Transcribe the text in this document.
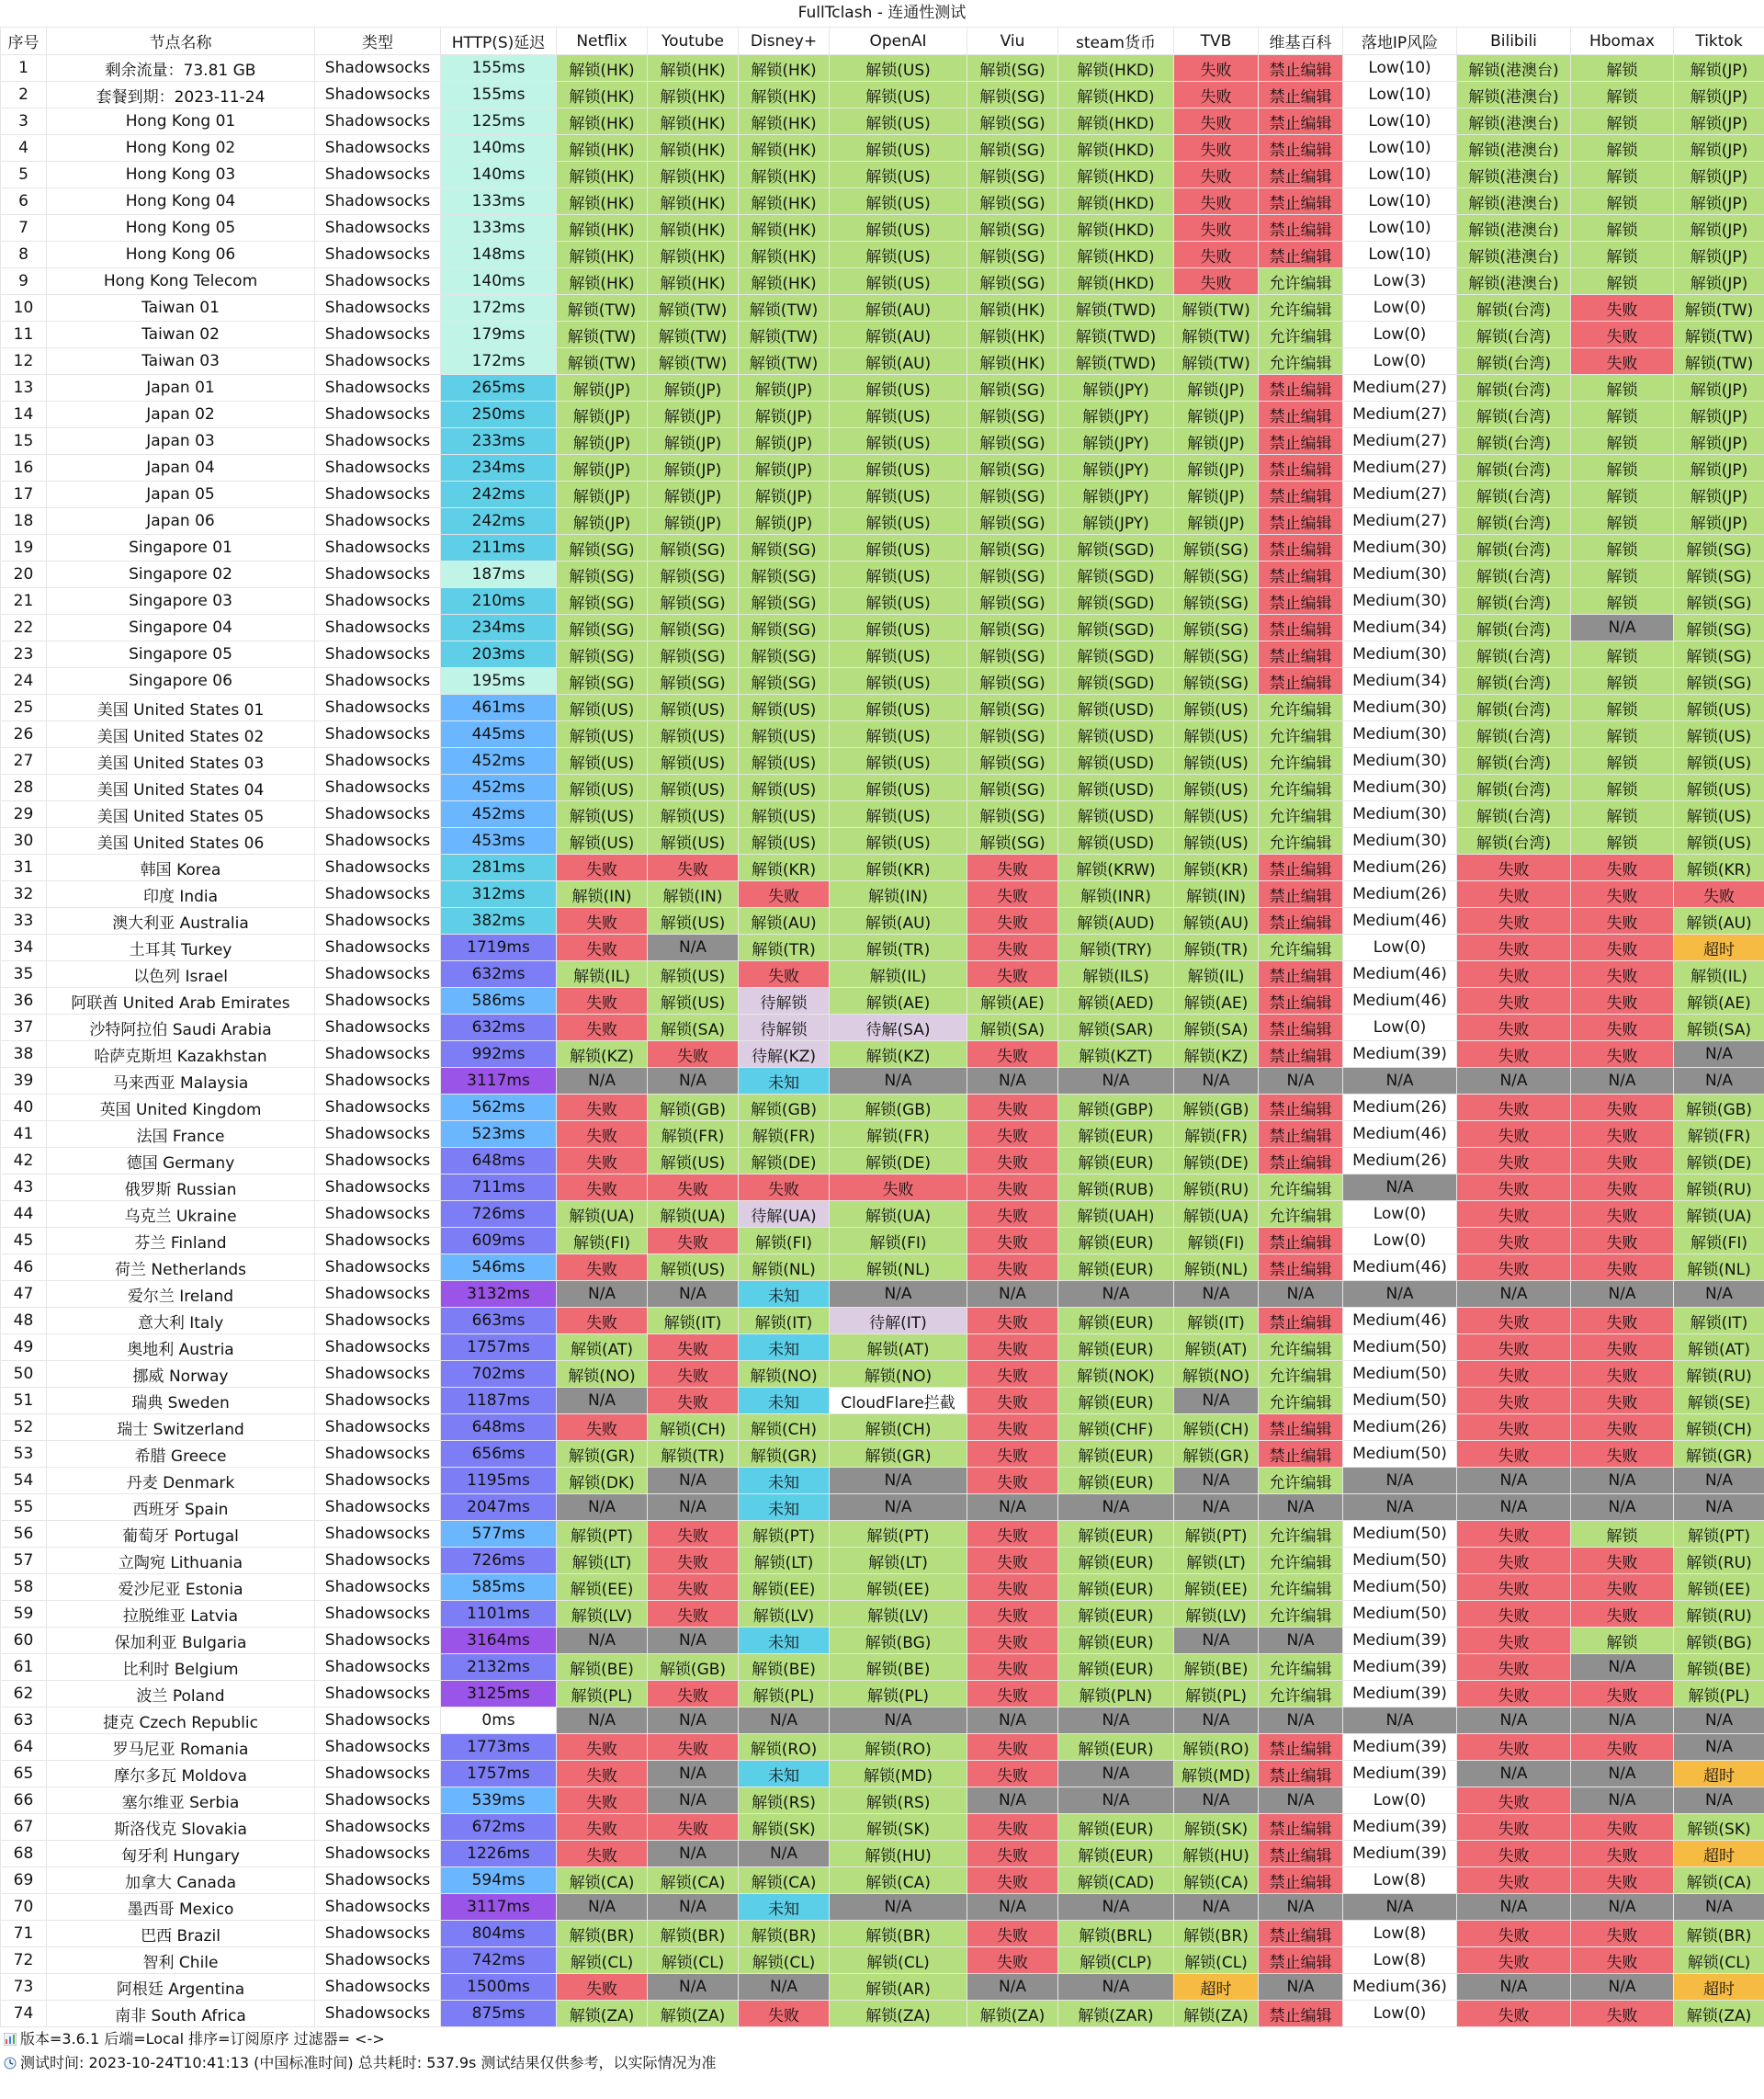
FullTclash - 连通性测试
序号	节点名称	类型	HTTP(S)延迟	Netflix	Youtube	Disney+	OpenAI	Viu	steam货币	TVB	维基百科	落地IP风险	Bilibili	Hbomax	Tiktok
1	剩余流量：73.81 GB	Shadowsocks	155ms	解锁(HK)	解锁(HK)	解锁(HK)	解锁(US)	解锁(SG)	解锁(HKD)	失败	禁止编辑	Low(10)	解锁(港澳台)	解锁	解锁(JP)
2	套餐到期：2023-11-24	Shadowsocks	155ms	解锁(HK)	解锁(HK)	解锁(HK)	解锁(US)	解锁(SG)	解锁(HKD)	失败	禁止编辑	Low(10)	解锁(港澳台)	解锁	解锁(JP)
3	Hong Kong 01	Shadowsocks	125ms	解锁(HK)	解锁(HK)	解锁(HK)	解锁(US)	解锁(SG)	解锁(HKD)	失败	禁止编辑	Low(10)	解锁(港澳台)	解锁	解锁(JP)
4	Hong Kong 02	Shadowsocks	140ms	解锁(HK)	解锁(HK)	解锁(HK)	解锁(US)	解锁(SG)	解锁(HKD)	失败	禁止编辑	Low(10)	解锁(港澳台)	解锁	解锁(JP)
5	Hong Kong 03	Shadowsocks	140ms	解锁(HK)	解锁(HK)	解锁(HK)	解锁(US)	解锁(SG)	解锁(HKD)	失败	禁止编辑	Low(10)	解锁(港澳台)	解锁	解锁(JP)
6	Hong Kong 04	Shadowsocks	133ms	解锁(HK)	解锁(HK)	解锁(HK)	解锁(US)	解锁(SG)	解锁(HKD)	失败	禁止编辑	Low(10)	解锁(港澳台)	解锁	解锁(JP)
7	Hong Kong 05	Shadowsocks	133ms	解锁(HK)	解锁(HK)	解锁(HK)	解锁(US)	解锁(SG)	解锁(HKD)	失败	禁止编辑	Low(10)	解锁(港澳台)	解锁	解锁(JP)
8	Hong Kong 06	Shadowsocks	148ms	解锁(HK)	解锁(HK)	解锁(HK)	解锁(US)	解锁(SG)	解锁(HKD)	失败	禁止编辑	Low(10)	解锁(港澳台)	解锁	解锁(JP)
9	Hong Kong Telecom	Shadowsocks	140ms	解锁(HK)	解锁(HK)	解锁(HK)	解锁(US)	解锁(SG)	解锁(HKD)	失败	允许编辑	Low(3)	解锁(港澳台)	解锁	解锁(JP)
10	Taiwan 01	Shadowsocks	172ms	解锁(TW)	解锁(TW)	解锁(TW)	解锁(AU)	解锁(HK)	解锁(TWD)	解锁(TW)	允许编辑	Low(0)	解锁(台湾)	失败	解锁(TW)
11	Taiwan 02	Shadowsocks	179ms	解锁(TW)	解锁(TW)	解锁(TW)	解锁(AU)	解锁(HK)	解锁(TWD)	解锁(TW)	允许编辑	Low(0)	解锁(台湾)	失败	解锁(TW)
12	Taiwan 03	Shadowsocks	172ms	解锁(TW)	解锁(TW)	解锁(TW)	解锁(AU)	解锁(HK)	解锁(TWD)	解锁(TW)	允许编辑	Low(0)	解锁(台湾)	失败	解锁(TW)
13	Japan 01	Shadowsocks	265ms	解锁(JP)	解锁(JP)	解锁(JP)	解锁(US)	解锁(SG)	解锁(JPY)	解锁(JP)	禁止编辑	Medium(27)	解锁(台湾)	解锁	解锁(JP)
14	Japan 02	Shadowsocks	250ms	解锁(JP)	解锁(JP)	解锁(JP)	解锁(US)	解锁(SG)	解锁(JPY)	解锁(JP)	禁止编辑	Medium(27)	解锁(台湾)	解锁	解锁(JP)
15	Japan 03	Shadowsocks	233ms	解锁(JP)	解锁(JP)	解锁(JP)	解锁(US)	解锁(SG)	解锁(JPY)	解锁(JP)	禁止编辑	Medium(27)	解锁(台湾)	解锁	解锁(JP)
16	Japan 04	Shadowsocks	234ms	解锁(JP)	解锁(JP)	解锁(JP)	解锁(US)	解锁(SG)	解锁(JPY)	解锁(JP)	禁止编辑	Medium(27)	解锁(台湾)	解锁	解锁(JP)
17	Japan 05	Shadowsocks	242ms	解锁(JP)	解锁(JP)	解锁(JP)	解锁(US)	解锁(SG)	解锁(JPY)	解锁(JP)	禁止编辑	Medium(27)	解锁(台湾)	解锁	解锁(JP)
18	Japan 06	Shadowsocks	242ms	解锁(JP)	解锁(JP)	解锁(JP)	解锁(US)	解锁(SG)	解锁(JPY)	解锁(JP)	禁止编辑	Medium(27)	解锁(台湾)	解锁	解锁(JP)
19	Singapore 01	Shadowsocks	211ms	解锁(SG)	解锁(SG)	解锁(SG)	解锁(US)	解锁(SG)	解锁(SGD)	解锁(SG)	禁止编辑	Medium(30)	解锁(台湾)	解锁	解锁(SG)
20	Singapore 02	Shadowsocks	187ms	解锁(SG)	解锁(SG)	解锁(SG)	解锁(US)	解锁(SG)	解锁(SGD)	解锁(SG)	禁止编辑	Medium(30)	解锁(台湾)	解锁	解锁(SG)
21	Singapore 03	Shadowsocks	210ms	解锁(SG)	解锁(SG)	解锁(SG)	解锁(US)	解锁(SG)	解锁(SGD)	解锁(SG)	禁止编辑	Medium(30)	解锁(台湾)	解锁	解锁(SG)
22	Singapore 04	Shadowsocks	234ms	解锁(SG)	解锁(SG)	解锁(SG)	解锁(US)	解锁(SG)	解锁(SGD)	解锁(SG)	禁止编辑	Medium(34)	解锁(台湾)	N/A	解锁(SG)
23	Singapore 05	Shadowsocks	203ms	解锁(SG)	解锁(SG)	解锁(SG)	解锁(US)	解锁(SG)	解锁(SGD)	解锁(SG)	禁止编辑	Medium(30)	解锁(台湾)	解锁	解锁(SG)
24	Singapore 06	Shadowsocks	195ms	解锁(SG)	解锁(SG)	解锁(SG)	解锁(US)	解锁(SG)	解锁(SGD)	解锁(SG)	禁止编辑	Medium(34)	解锁(台湾)	解锁	解锁(SG)
25	美国 United States 01	Shadowsocks	461ms	解锁(US)	解锁(US)	解锁(US)	解锁(US)	解锁(SG)	解锁(USD)	解锁(US)	允许编辑	Medium(30)	解锁(台湾)	解锁	解锁(US)
26	美国 United States 02	Shadowsocks	445ms	解锁(US)	解锁(US)	解锁(US)	解锁(US)	解锁(SG)	解锁(USD)	解锁(US)	允许编辑	Medium(30)	解锁(台湾)	解锁	解锁(US)
27	美国 United States 03	Shadowsocks	452ms	解锁(US)	解锁(US)	解锁(US)	解锁(US)	解锁(SG)	解锁(USD)	解锁(US)	允许编辑	Medium(30)	解锁(台湾)	解锁	解锁(US)
28	美国 United States 04	Shadowsocks	452ms	解锁(US)	解锁(US)	解锁(US)	解锁(US)	解锁(SG)	解锁(USD)	解锁(US)	允许编辑	Medium(30)	解锁(台湾)	解锁	解锁(US)
29	美国 United States 05	Shadowsocks	452ms	解锁(US)	解锁(US)	解锁(US)	解锁(US)	解锁(SG)	解锁(USD)	解锁(US)	允许编辑	Medium(30)	解锁(台湾)	解锁	解锁(US)
30	美国 United States 06	Shadowsocks	453ms	解锁(US)	解锁(US)	解锁(US)	解锁(US)	解锁(SG)	解锁(USD)	解锁(US)	允许编辑	Medium(30)	解锁(台湾)	解锁	解锁(US)
31	韩国 Korea	Shadowsocks	281ms	失败	失败	解锁(KR)	解锁(KR)	失败	解锁(KRW)	解锁(KR)	禁止编辑	Medium(26)	失败	失败	解锁(KR)
32	印度 India	Shadowsocks	312ms	解锁(IN)	解锁(IN)	失败	解锁(IN)	失败	解锁(INR)	解锁(IN)	禁止编辑	Medium(26)	失败	失败	失败
33	澳大利亚 Australia	Shadowsocks	382ms	失败	解锁(US)	解锁(AU)	解锁(AU)	失败	解锁(AUD)	解锁(AU)	禁止编辑	Medium(46)	失败	失败	解锁(AU)
34	土耳其 Turkey	Shadowsocks	1719ms	失败	N/A	解锁(TR)	解锁(TR)	失败	解锁(TRY)	解锁(TR)	允许编辑	Low(0)	失败	失败	超时
35	以色列 Israel	Shadowsocks	632ms	解锁(IL)	解锁(US)	失败	解锁(IL)	失败	解锁(ILS)	解锁(IL)	禁止编辑	Medium(46)	失败	失败	解锁(IL)
36	阿联酋 United Arab Emirates	Shadowsocks	586ms	失败	解锁(US)	待解锁	解锁(AE)	解锁(AE)	解锁(AED)	解锁(AE)	禁止编辑	Medium(46)	失败	失败	解锁(AE)
37	沙特阿拉伯 Saudi Arabia	Shadowsocks	632ms	失败	解锁(SA)	待解锁	待解(SA)	解锁(SA)	解锁(SAR)	解锁(SA)	禁止编辑	Low(0)	失败	失败	解锁(SA)
38	哈萨克斯坦 Kazakhstan	Shadowsocks	992ms	解锁(KZ)	失败	待解(KZ)	解锁(KZ)	失败	解锁(KZT)	解锁(KZ)	禁止编辑	Medium(39)	失败	失败	N/A
39	马来西亚 Malaysia	Shadowsocks	3117ms	N/A	N/A	未知	N/A	N/A	N/A	N/A	N/A	N/A	N/A	N/A	N/A
40	英国 United Kingdom	Shadowsocks	562ms	失败	解锁(GB)	解锁(GB)	解锁(GB)	失败	解锁(GBP)	解锁(GB)	禁止编辑	Medium(26)	失败	失败	解锁(GB)
41	法国 France	Shadowsocks	523ms	失败	解锁(FR)	解锁(FR)	解锁(FR)	失败	解锁(EUR)	解锁(FR)	禁止编辑	Medium(46)	失败	失败	解锁(FR)
42	德国 Germany	Shadowsocks	648ms	失败	解锁(US)	解锁(DE)	解锁(DE)	失败	解锁(EUR)	解锁(DE)	禁止编辑	Medium(26)	失败	失败	解锁(DE)
43	俄罗斯 Russian	Shadowsocks	711ms	失败	失败	失败	失败	失败	解锁(RUB)	解锁(RU)	允许编辑	N/A	失败	失败	解锁(RU)
44	乌克兰 Ukraine	Shadowsocks	726ms	解锁(UA)	解锁(UA)	待解(UA)	解锁(UA)	失败	解锁(UAH)	解锁(UA)	允许编辑	Low(0)	失败	失败	解锁(UA)
45	芬兰 Finland	Shadowsocks	609ms	解锁(FI)	失败	解锁(FI)	解锁(FI)	失败	解锁(EUR)	解锁(FI)	禁止编辑	Low(0)	失败	失败	解锁(FI)
46	荷兰 Netherlands	Shadowsocks	546ms	失败	解锁(US)	解锁(NL)	解锁(NL)	失败	解锁(EUR)	解锁(NL)	禁止编辑	Medium(46)	失败	失败	解锁(NL)
47	爱尔兰 Ireland	Shadowsocks	3132ms	N/A	N/A	未知	N/A	N/A	N/A	N/A	N/A	N/A	N/A	N/A	N/A
48	意大利 Italy	Shadowsocks	663ms	失败	解锁(IT)	解锁(IT)	待解(IT)	失败	解锁(EUR)	解锁(IT)	禁止编辑	Medium(46)	失败	失败	解锁(IT)
49	奥地利 Austria	Shadowsocks	1757ms	解锁(AT)	失败	未知	解锁(AT)	失败	解锁(EUR)	解锁(AT)	允许编辑	Medium(50)	失败	失败	解锁(AT)
50	挪威 Norway	Shadowsocks	702ms	解锁(NO)	失败	解锁(NO)	解锁(NO)	失败	解锁(NOK)	解锁(NO)	允许编辑	Medium(50)	失败	失败	解锁(RU)
51	瑞典 Sweden	Shadowsocks	1187ms	N/A	失败	未知	CloudFlare拦截	失败	解锁(EUR)	N/A	允许编辑	Medium(50)	失败	失败	解锁(SE)
52	瑞士 Switzerland	Shadowsocks	648ms	失败	解锁(CH)	解锁(CH)	解锁(CH)	失败	解锁(CHF)	解锁(CH)	禁止编辑	Medium(26)	失败	失败	解锁(CH)
53	希腊 Greece	Shadowsocks	656ms	解锁(GR)	解锁(TR)	解锁(GR)	解锁(GR)	失败	解锁(EUR)	解锁(GR)	禁止编辑	Medium(50)	失败	失败	解锁(GR)
54	丹麦 Denmark	Shadowsocks	1195ms	解锁(DK)	N/A	未知	N/A	失败	解锁(EUR)	N/A	允许编辑	N/A	N/A	N/A	N/A
55	西班牙 Spain	Shadowsocks	2047ms	N/A	N/A	未知	N/A	N/A	N/A	N/A	N/A	N/A	N/A	N/A	N/A
56	葡萄牙 Portugal	Shadowsocks	577ms	解锁(PT)	失败	解锁(PT)	解锁(PT)	失败	解锁(EUR)	解锁(PT)	允许编辑	Medium(50)	失败	解锁	解锁(PT)
57	立陶宛 Lithuania	Shadowsocks	726ms	解锁(LT)	失败	解锁(LT)	解锁(LT)	失败	解锁(EUR)	解锁(LT)	允许编辑	Medium(50)	失败	失败	解锁(RU)
58	爱沙尼亚 Estonia	Shadowsocks	585ms	解锁(EE)	失败	解锁(EE)	解锁(EE)	失败	解锁(EUR)	解锁(EE)	允许编辑	Medium(50)	失败	失败	解锁(EE)
59	拉脱维亚 Latvia	Shadowsocks	1101ms	解锁(LV)	失败	解锁(LV)	解锁(LV)	失败	解锁(EUR)	解锁(LV)	允许编辑	Medium(50)	失败	失败	解锁(RU)
60	保加利亚 Bulgaria	Shadowsocks	3164ms	N/A	N/A	未知	解锁(BG)	失败	解锁(EUR)	N/A	N/A	Medium(39)	失败	解锁	解锁(BG)
61	比利时 Belgium	Shadowsocks	2132ms	解锁(BE)	解锁(GB)	解锁(BE)	解锁(BE)	失败	解锁(EUR)	解锁(BE)	允许编辑	Medium(39)	失败	N/A	解锁(BE)
62	波兰 Poland	Shadowsocks	3125ms	解锁(PL)	失败	解锁(PL)	解锁(PL)	失败	解锁(PLN)	解锁(PL)	允许编辑	Medium(39)	失败	失败	解锁(PL)
63	捷克 Czech Republic	Shadowsocks	0ms	N/A	N/A	N/A	N/A	N/A	N/A	N/A	N/A	N/A	N/A	N/A	N/A
64	罗马尼亚 Romania	Shadowsocks	1773ms	失败	失败	解锁(RO)	解锁(RO)	失败	解锁(EUR)	解锁(RO)	禁止编辑	Medium(39)	失败	失败	N/A
65	摩尔多瓦 Moldova	Shadowsocks	1757ms	失败	N/A	未知	解锁(MD)	失败	N/A	解锁(MD)	禁止编辑	Medium(39)	N/A	N/A	超时
66	塞尔维亚 Serbia	Shadowsocks	539ms	失败	N/A	解锁(RS)	解锁(RS)	N/A	N/A	N/A	N/A	Low(0)	失败	N/A	N/A
67	斯洛伐克 Slovakia	Shadowsocks	672ms	失败	失败	解锁(SK)	解锁(SK)	失败	解锁(EUR)	解锁(SK)	禁止编辑	Medium(39)	失败	失败	解锁(SK)
68	匈牙利 Hungary	Shadowsocks	1226ms	失败	N/A	N/A	解锁(HU)	失败	解锁(EUR)	解锁(HU)	禁止编辑	Medium(39)	失败	失败	超时
69	加拿大 Canada	Shadowsocks	594ms	解锁(CA)	解锁(CA)	解锁(CA)	解锁(CA)	失败	解锁(CAD)	解锁(CA)	禁止编辑	Low(8)	失败	失败	解锁(CA)
70	墨西哥 Mexico	Shadowsocks	3117ms	N/A	N/A	未知	N/A	N/A	N/A	N/A	N/A	N/A	N/A	N/A	N/A
71	巴西 Brazil	Shadowsocks	804ms	解锁(BR)	解锁(BR)	解锁(BR)	解锁(BR)	失败	解锁(BRL)	解锁(BR)	禁止编辑	Low(8)	失败	失败	解锁(BR)
72	智利 Chile	Shadowsocks	742ms	解锁(CL)	解锁(CL)	解锁(CL)	解锁(CL)	失败	解锁(CLP)	解锁(CL)	禁止编辑	Low(8)	失败	失败	解锁(CL)
73	阿根廷 Argentina	Shadowsocks	1500ms	失败	N/A	N/A	解锁(AR)	N/A	N/A	超时	N/A	Medium(36)	N/A	N/A	超时
74	南非 South Africa	Shadowsocks	875ms	解锁(ZA)	解锁(ZA)	失败	解锁(ZA)	解锁(ZA)	解锁(ZAR)	解锁(ZA)	禁止编辑	Low(0)	失败	失败	解锁(ZA)
版本=3.6.1 后端=Local 排序=订阅原序 过滤器= <->
测试时间: 2023-10-24T10:41:13 (中国标准时间) 总共耗时: 537.9s 测试结果仅供参考，以实际情况为准
